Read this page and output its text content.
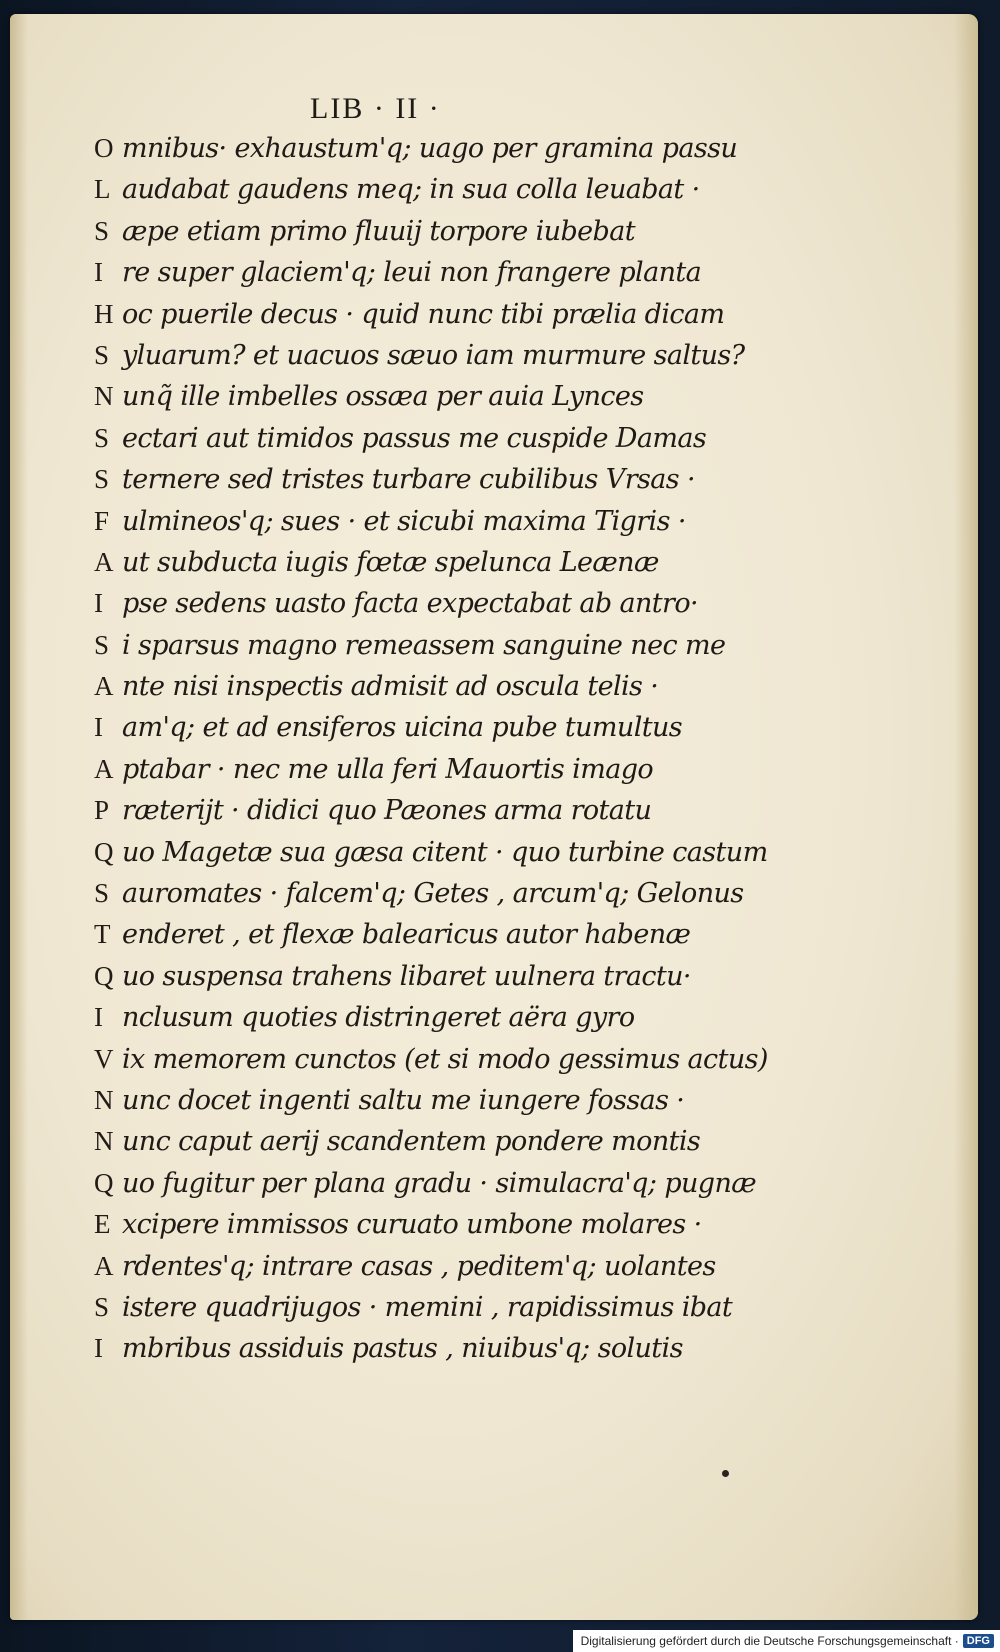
LIB · II ·
O mnibus· exhaustum'q; uago per gramina passu
L audabat gaudens meq; in sua colla leuabat ·
S æpe etiam primo fluuij torpore iubebat
I re super glaciem'q; leui non frangere planta
H oc puerile decus · quid nunc tibi prælia dicam
S yluarum? et uacuos sæuo iam murmure saltus?
N unq̃ ille imbelles ossæa per auia Lynces
S ectari aut timidos passus me cuspide Damas
S ternere sed tristes turbare cubilibus Vrsas ·
F ulmineos'q; sues · et sicubi maxima Tigris ·
A ut subducta iugis fœtæ spelunca Leænæ
I pse sedens uasto facta expectabat ab antro·
S i sparsus magno remeassem sanguine nec me
A nte nisi inspectis admisit ad oscula telis ·
I am'q; et ad ensiferos uicina pube tumultus
A ptabar · nec me ulla feri Mauortis imago
P ræterijt · didici quo Pæones arma rotatu
Q uo Magetæ sua gæsa citent · quo turbine castum
S auromates · falcem'q; Getes , arcum'q; Gelonus
T enderet , et flexæ balearicus autor habenæ
Q uo suspensa trahens libaret uulnera tractu·
I nclusum quoties distringeret aëra gyro
V ix memorem cunctos (et si modo gessimus actus)
N unc docet ingenti saltu me iungere fossas ·
N unc caput aerij scandentem pondere montis
Q uo fugitur per plana gradu · simulacra'q; pugnæ
E xcipere immissos curuato umbone molares ·
A rdentes'q; intrare casas , peditem'q; uolantes
S istere quadrijugos · memini , rapidissimus ibat
I mbribus assiduis pastus , niuibus'q; solutis
Digitalisierung gefördert durch die Deutsche Forschungsgemeinschaft · DFG
